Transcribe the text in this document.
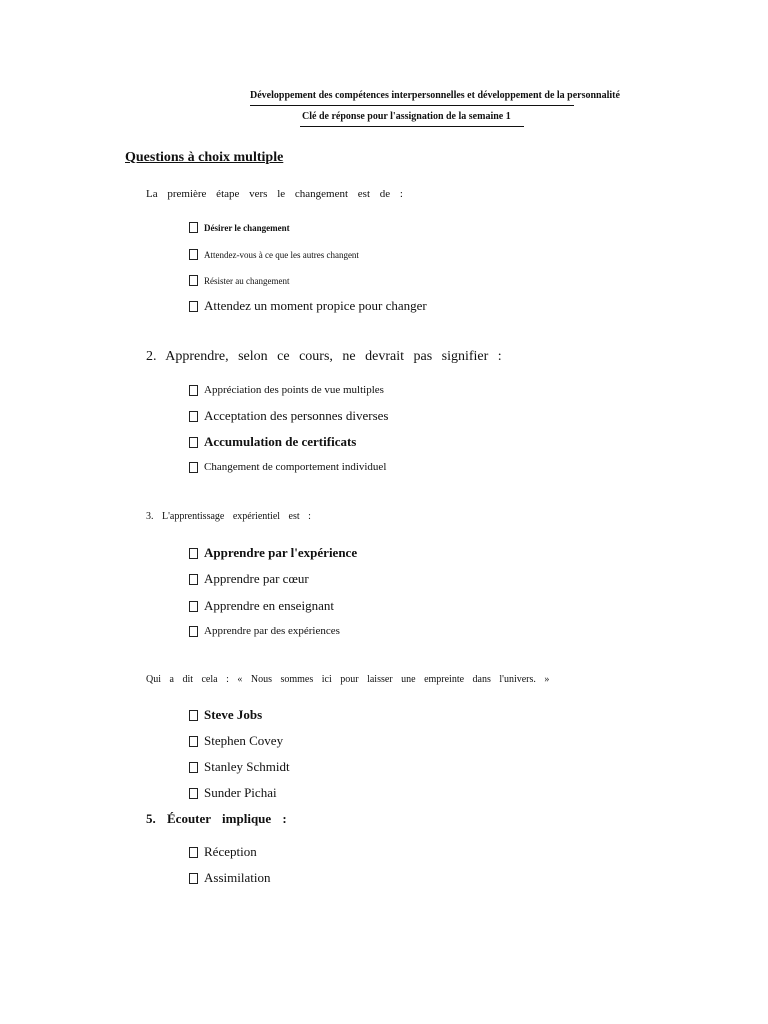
Développement des compétences interpersonnelles et développement de la personnalité
Clé de réponse pour l'assignation de la semaine 1
Questions à choix multiple
La première étape vers le changement est de :
Désirer le changement
Attendez-vous à ce que les autres changent
Résister au changement
Attendez un moment propice pour changer
2. Apprendre, selon ce cours, ne devrait pas signifier :
Appréciation des points de vue multiples
Acceptation des personnes diverses
Accumulation de certificats
Changement de comportement individuel
3. L'apprentissage expérientiel est :
Apprendre par l'expérience
Apprendre par cœur
Apprendre en enseignant
Apprendre par des expériences
Qui a dit cela : « Nous sommes ici pour laisser une empreinte dans l'univers. »
Steve Jobs
Stephen Covey
Stanley Schmidt
Sunder Pichai
5. Écouter implique :
Réception
Assimilation
